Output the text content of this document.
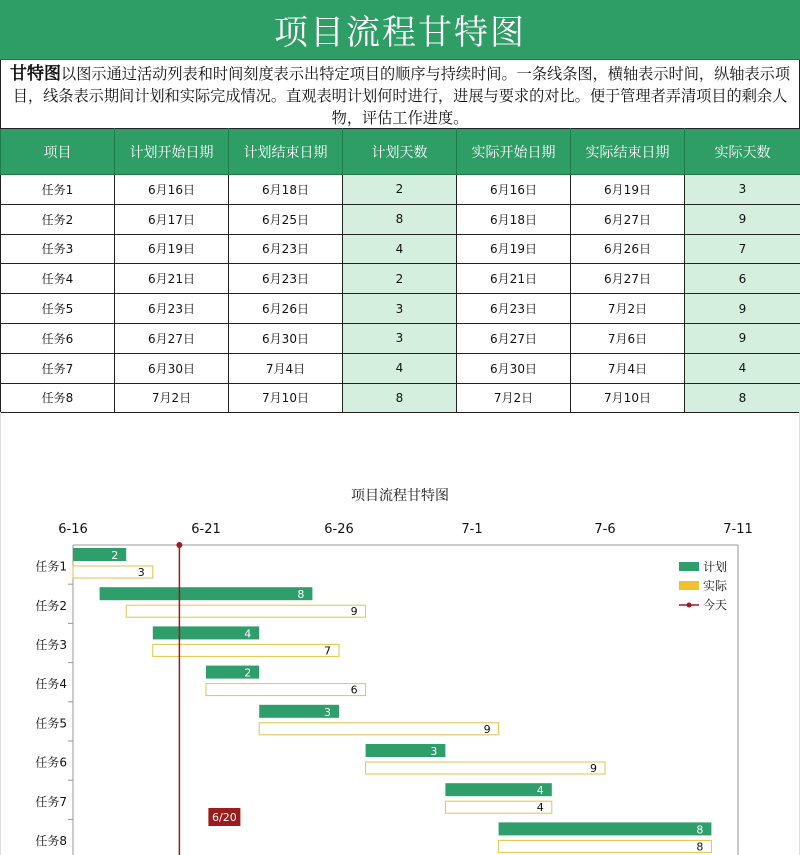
项目流程甘特图
甘特图以图示通过活动列表和时间刻度表示出特定项目的顺序与持续时间。一条线条图，横轴表示时间，纵轴表示项目，线条表示期间计划和实际完成情况。直观表明计划何时进行，进展与要求的对比。便于管理者弄清项目的剩余人物，评估工作进度。
项目	计划开始日期	计划结束日期	计划天数	实际开始日期	实际结束日期	实际天数
任务1	6月16日	6月18日	2	6月16日	6月19日	3
任务2	6月17日	6月25日	8	6月18日	6月27日	9
任务3	6月19日	6月23日	4	6月19日	6月26日	7
任务4	6月21日	6月23日	2	6月21日	6月27日	6
任务5	6月23日	6月26日	3	6月23日	7月2日	9
任务6	6月27日	6月30日	3	6月27日	7月6日	9
任务7	6月30日	7月4日	4	6月30日	7月4日	4
任务8	7月2日	7月10日	8	7月2日	7月10日	8
项目流程甘特图
6-16	6-21	6-26	7-1	7-6	7-11
任务1
任务2
任务3
任务4
任务5
任务6
任务7
任务8
2
3
8
9
4
7
2
6
3
9
3
9
4
4
8
8
6/20
计划
实际
今天
